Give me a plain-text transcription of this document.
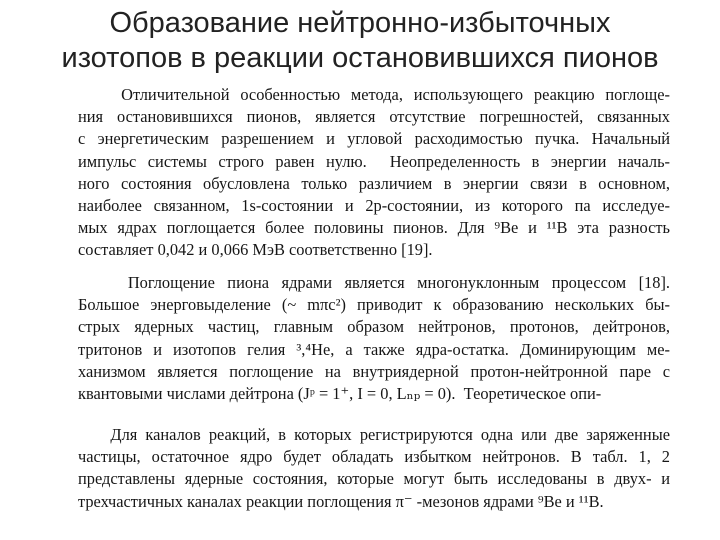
Образование нейтронно-избыточных
изотопов в реакции остановившихся пионов
Отличительной особенностью метода, использующего реакцию поглоще-
ния остановившихся пионов, является отсутствие погрешностей, связанных
с энергетическим разрешением и угловой расходимостью пучка. Начальный
импульс системы строго равен нулю.  Неопределенность в энергии началь-
ного состояния обусловлена только различием в энергии связи в основном,
наиболее связанном, 1s-состоянии и 2p-состоянии, из которого па исследуе-
мых ядрах поглощается более половины пионов. Для ⁹Be и ¹¹B эта разность
составляет 0,042 и 0,066 МэВ соответственно [19].
Поглощение пиона ядрами является многонуклонным процессом [18].
Большое энерговыделение (~ mπc²) приводит к образованию нескольких бы-
стрых ядерных частиц, главным образом нейтронов, протонов, дейтронов,
тритонов и изотопов гелия ³,⁴He, а также ядра-остатка. Доминирующим ме-
ханизмом является поглощение на внутриядерной протон-нейтронной паре с
квантовыми числами дейтрона (Jᵖ = 1⁺, I = 0, Lₙₚ = 0).  Теоретическое опи-
Для каналов реакций, в которых регистрируются одна или две заряженные
частицы, остаточное ядро будет обладать избытком нейтронов. В табл. 1, 2
представлены ядерные состояния, которые могут быть исследованы в двух- и
трехчастичных каналах реакции поглощения π⁻ -мезонов ядрами ⁹Be и ¹¹B.
